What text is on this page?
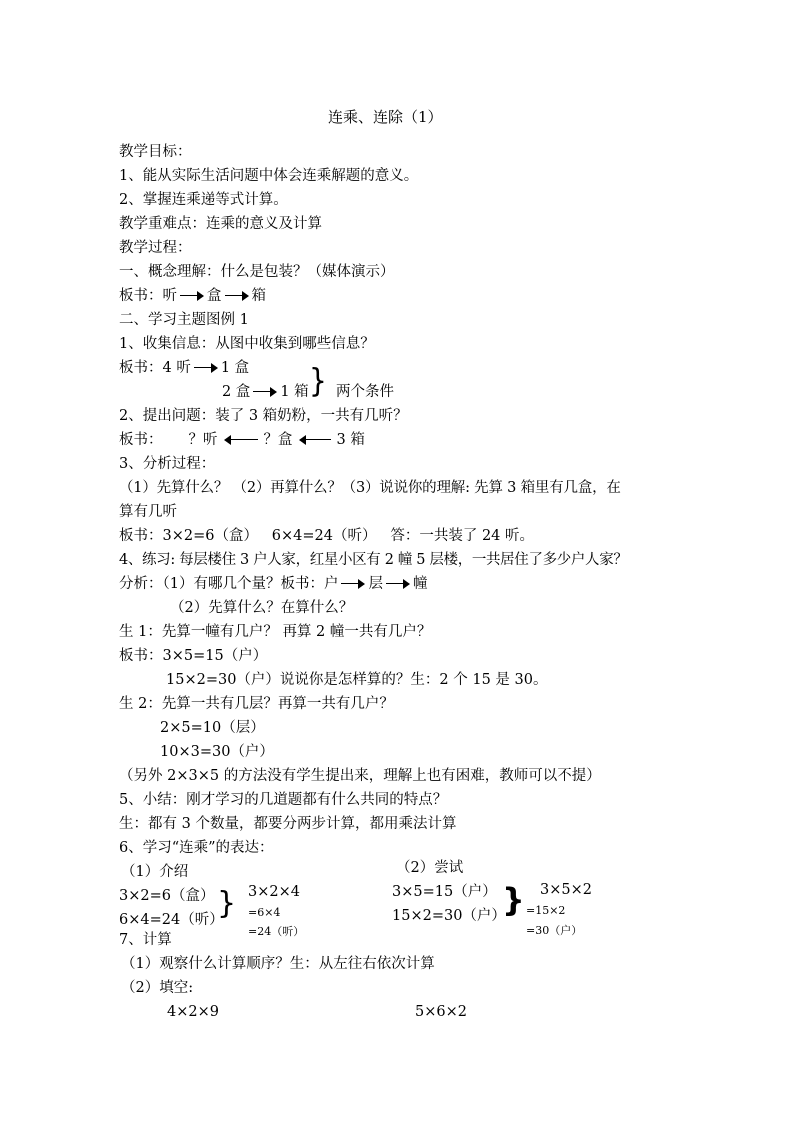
连乘、连除（1）
教学目标：
1、能从实际生活问题中体会连乘解题的意义。
2、掌握连乘递等式计算。
教学重难点：连乘的意义及计算
教学过程：
一、概念理解：什么是包装？（媒体演示）
板书：听 盒 箱
二、学习主题图例 1
1、收集信息：从图中收集到哪些信息？
板书：4 听 1 盒
2 盒 1 箱 } 两个条件
2、提出问题：装了 3 箱奶粉，一共有几听？
板书： ？听	？盒	3 箱
3、分析过程：
（1）先算什么？ （2）再算什么？（3）说说你的理解: 先算 3 箱里有几盒，在
算有几听
板书：3×2=6（盒）   6×4=24（听）   答：一共装了 24 听。
4、练习: 每层楼住 3 户人家，红星小区有 2 幢 5 层楼，一共居住了多少户人家？
分析：（1）有哪几个量？板书：户 层 幢
（2）先算什么？在算什么？
生 1：先算一幢有几户？ 再算 2 幢一共有几户？
板书：3×5=15（户）
15×2=30（户）说说你是怎样算的？生：2 个 15 是 30。
生 2：先算一共有几层？再算一共有几户？
2×5=10（层）
10×3=30（户）
（另外 2×3×5 的方法没有学生提出来，理解上也有困难，教师可以不提）
5、小结：刚才学习的几道题都有什么共同的特点？
生：都有 3 个数量，都要分两步计算，都用乘法计算
6、学习“连乘”的表达：
（1）介绍
3×2=6（盒）
6×4=24（听）
} 3×2×4
=6×4
=24（听）
（2）尝试
3×5=15（户）
15×2=30（户）
} 3×5×2
=15×2
=30（户）
7、计算
（1）观察什么计算顺序？生：从左往右依次计算
（2）填空:
4×2×9	5×6×2
